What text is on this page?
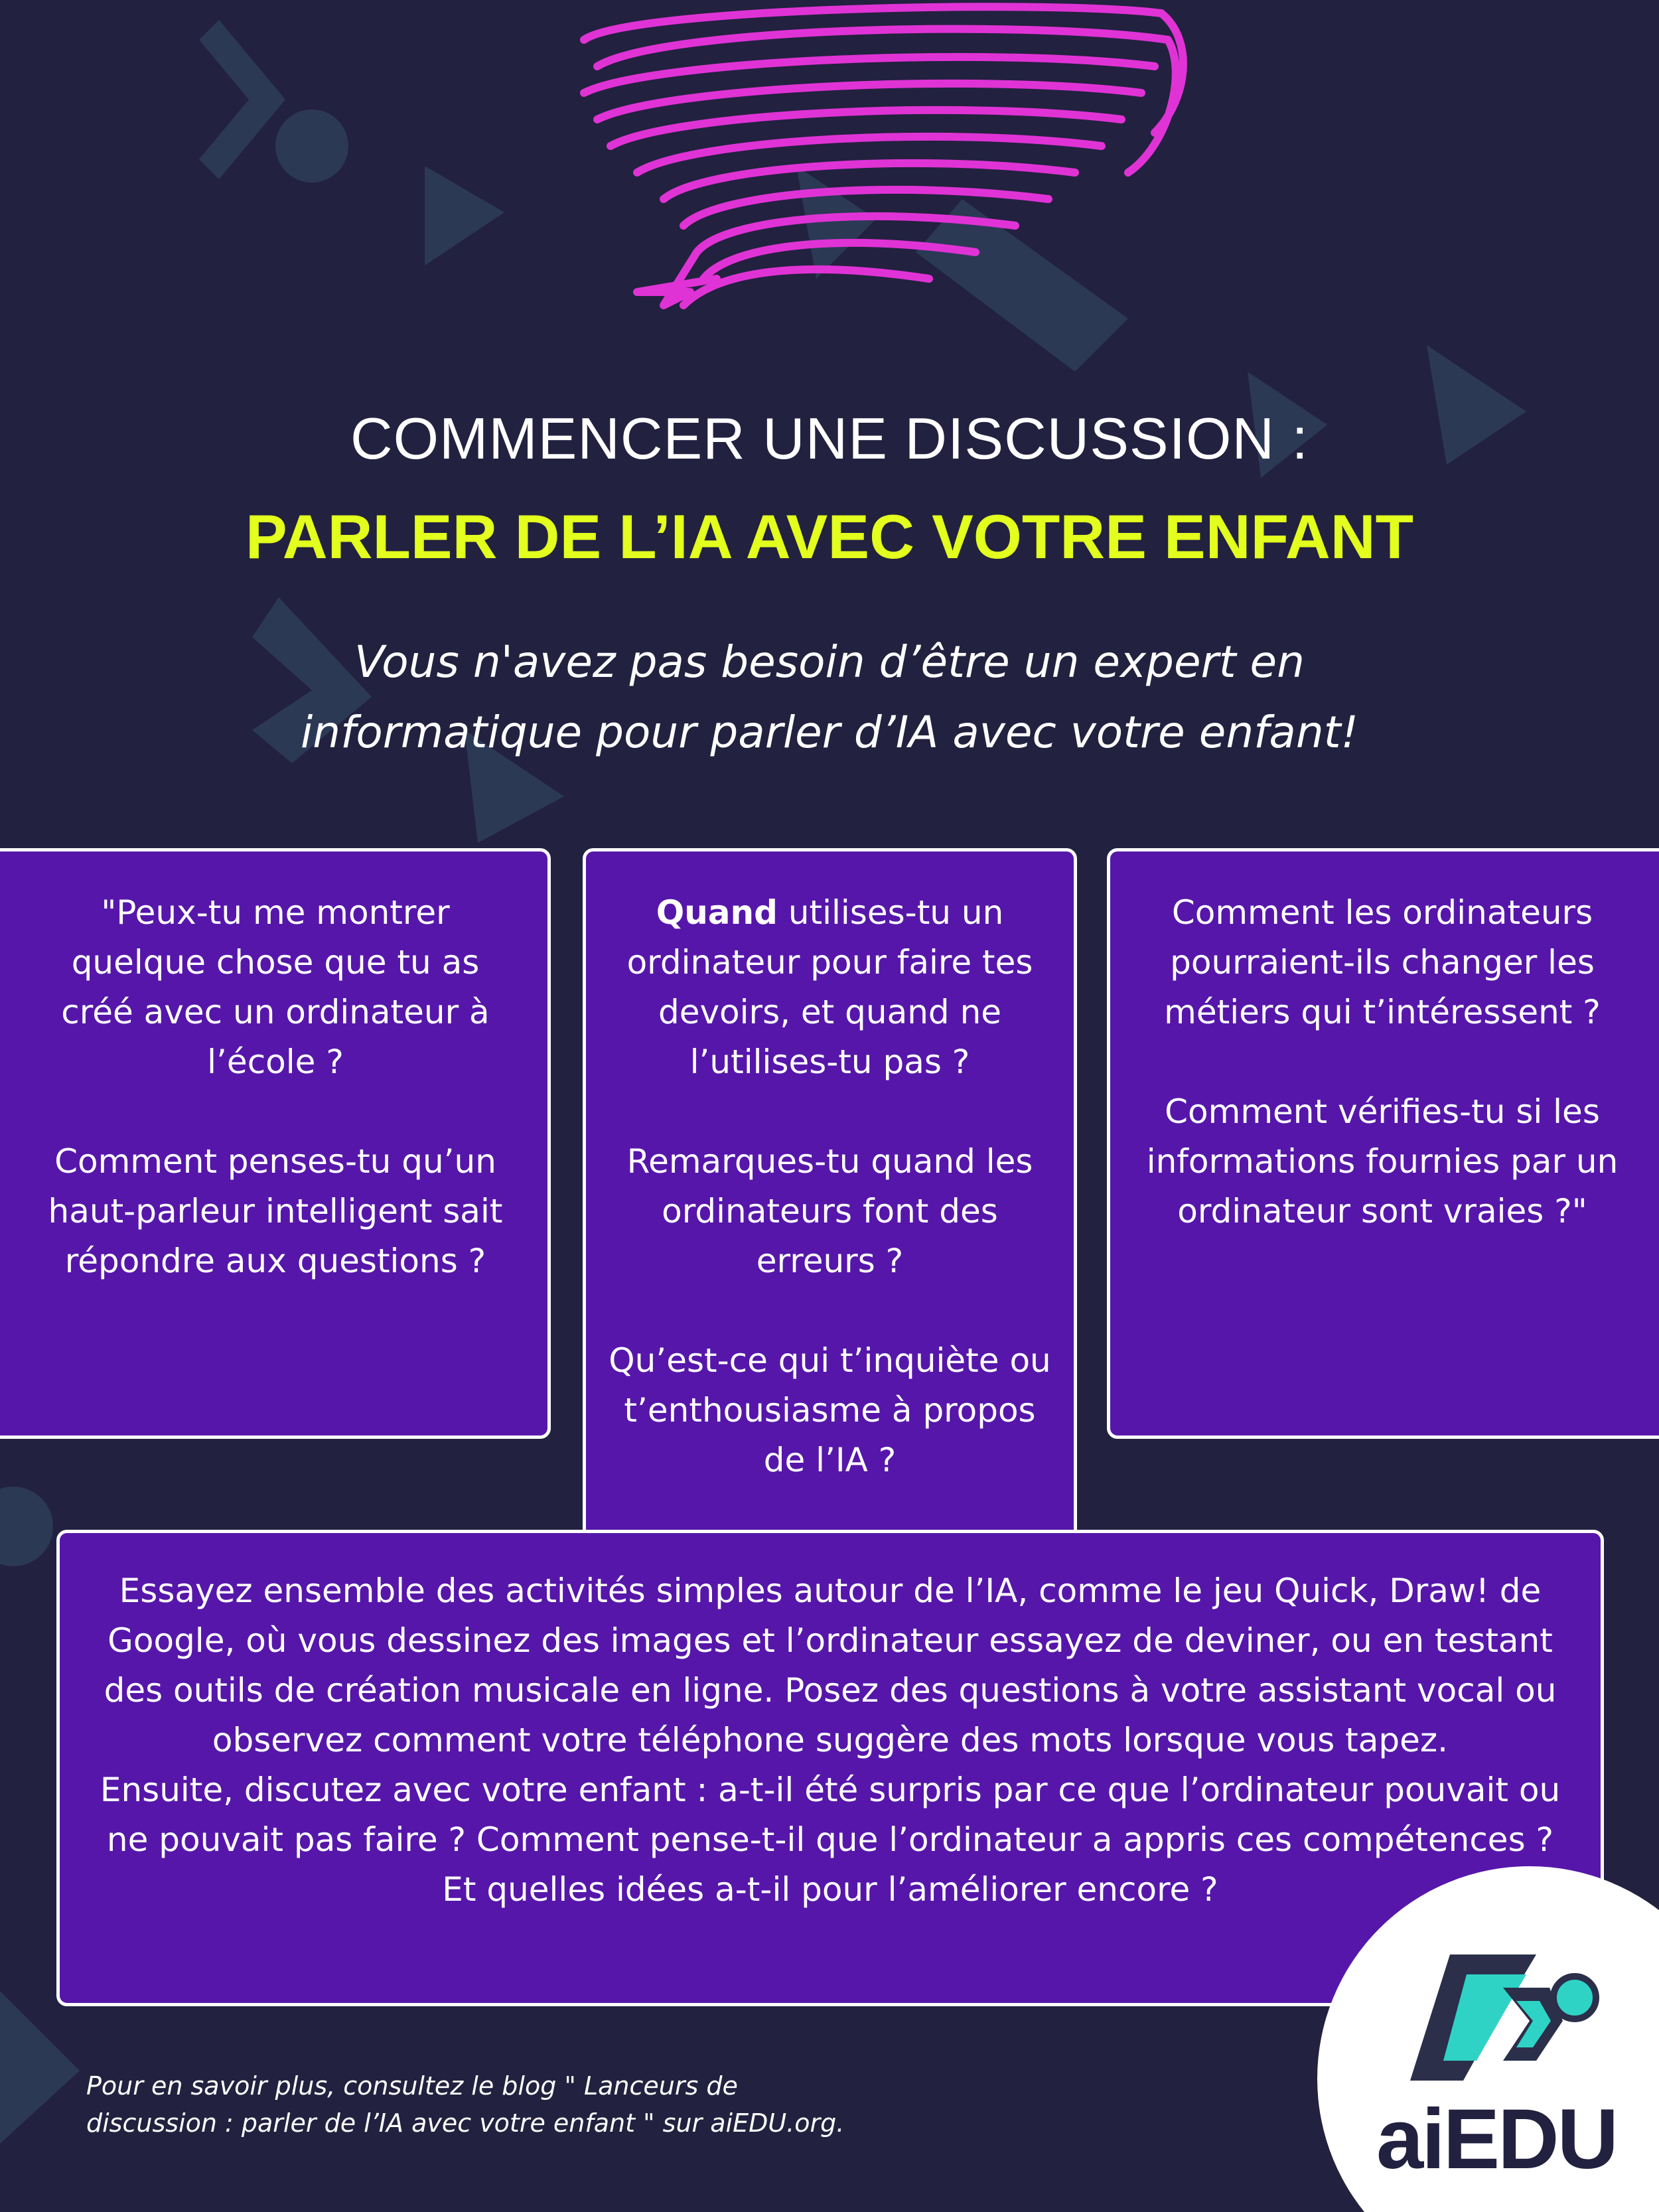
COMMENCER UNE DISCUSSION :
PARLER DE L’IA AVEC VOTRE ENFANT
Vous n'avez pas besoin d’être un expert en
informatique pour parler d’IA avec votre enfant!

"Peux-tu me montrer quelque chose que tu as créé avec un ordinateur à l’école ?

Comment penses-tu qu’un haut-parleur intelligent sait répondre aux questions ?

Quand utilises-tu un ordinateur pour faire tes devoirs, et quand ne l’utilises-tu pas ?

Remarques-tu quand les ordinateurs font des erreurs ?

Qu’est-ce qui t’inquiète ou t’enthousiasme à propos de l’IA ?

Comment les ordinateurs pourraient-ils changer les métiers qui t’intéressent ?

Comment vérifies-tu si les informations fournies par un ordinateur sont vraies ?"

Essayez ensemble des activités simples autour de l’IA, comme le jeu Quick, Draw! de Google, où vous dessinez des images et l’ordinateur essayez de deviner, ou en testant des outils de création musicale en ligne. Posez des questions à votre assistant vocal ou observez comment votre téléphone suggère des mots lorsque vous tapez.

Ensuite, discutez avec votre enfant : a-t-il été surpris par ce que l’ordinateur pouvait ou ne pouvait pas faire ? Comment pense-t-il que l’ordinateur a appris ces compétences ? Et quelles idées a-t-il pour l’améliorer encore ?

Pour en savoir plus, consultez le blog " Lanceurs de
discussion : parler de l’IA avec votre enfant " sur aiEDU.org.	aiEDU
